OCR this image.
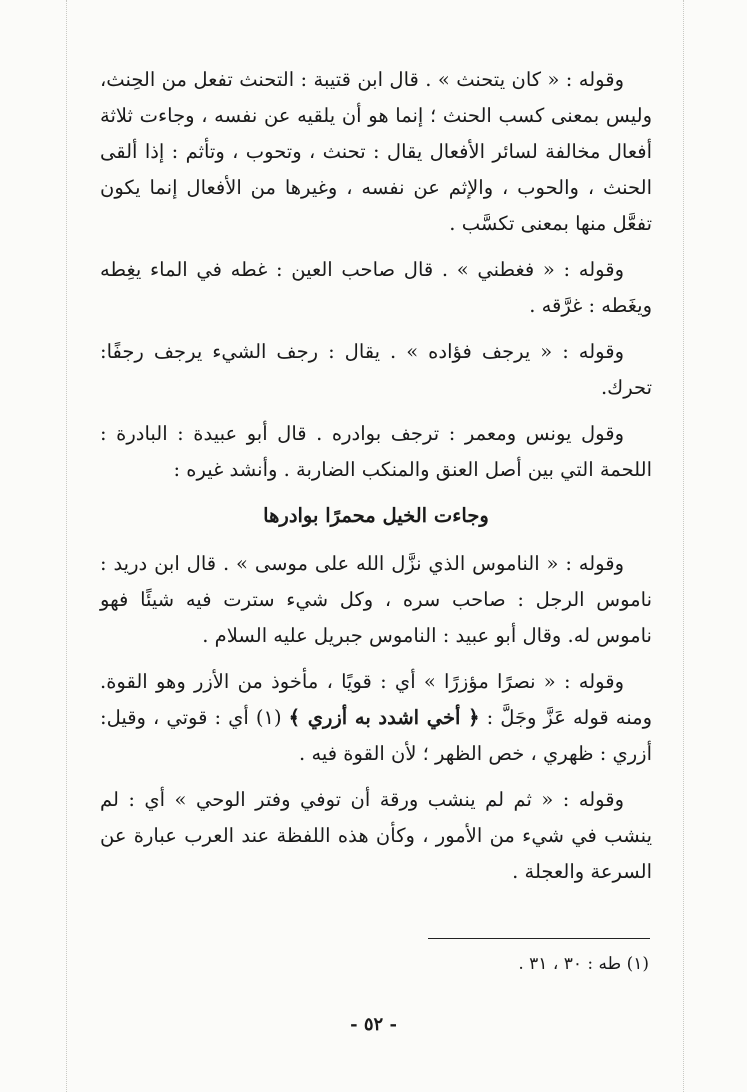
وقوله : « كان يتحنث » . قال ابن قتيبة : التحنث تفعل من الحِنث، وليس بمعنى كسب الحنث ؛ إنما هو أن يلقيه عن نفسه ، وجاءت ثلاثة أفعال مخالفة لسائر الأفعال يقال : تحنث ، وتحوب ، وتأثم : إذا ألقى الحنث ، والحوب ، والإثم عن نفسه ، وغيرها من الأفعال إنما يكون تفعَّل منها بمعنى تكسَّب .

وقوله : « فغطني » . قال صاحب العين : غطه في الماء يغِطه ويغَطه : غرَّقه .

وقوله : « يرجف فؤاده » . يقال : رجف الشيء يرجف رجفًا: تحرك.

وقول يونس ومعمر : ترجف بوادره . قال أبو عبيدة : البادرة : اللحمة التي بين أصل العنق والمنكب الضاربة . وأنشد غيره :

وجاءت الخيل محمرًا بوادرها

وقوله : « الناموس الذي نزَّل الله على موسى » . قال ابن دريد : ناموس الرجل : صاحب سره ، وكل شيء سترت فيه شيئًا فهو ناموس له. وقال أبو عبيد : الناموس جبريل عليه السلام .

وقوله : « نصرًا مؤزرًا » أي : قويًا ، مأخوذ من الأزر وهو القوة. ومنه قوله عَزَّ وجَلَّ : ﴿ أخي اشدد به أزري ﴾ (١) أي : قوتي ، وقيل: أزري : ظهري ، خص الظهر ؛ لأن القوة فيه .

وقوله : « ثم لم ينشب ورقة أن توفي وفتر الوحي » أي : لم ينشب في شيء من الأمور ، وكأن هذه اللفظة عند العرب عبارة عن السرعة والعجلة .

(١) طه : ٣٠ ، ٣١ .
- ٥٢ -
